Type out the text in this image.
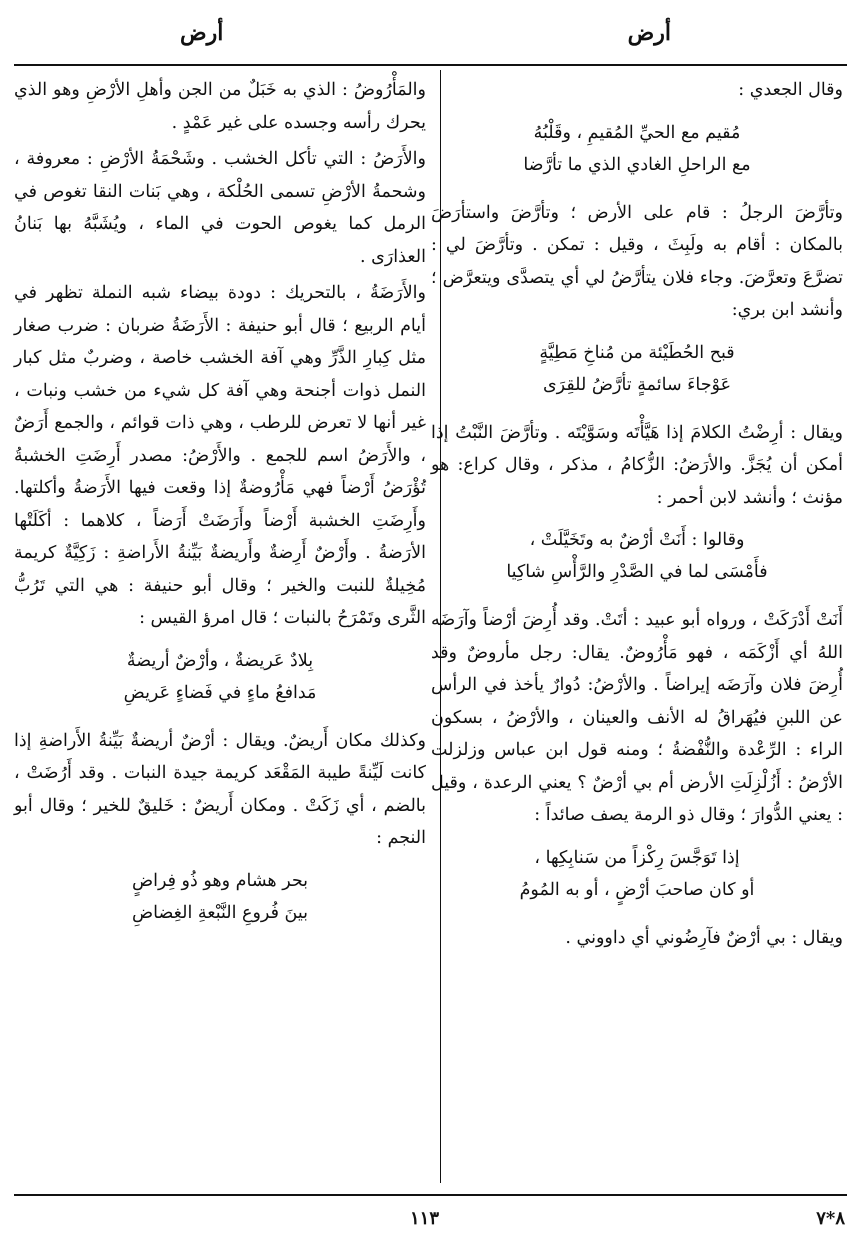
أرض
أرض

وقال الجعدي :

مُقيم مع الحيِّ المُقيمِ ، وقَلْبُهُ
مع الراحلِ الغادي الذي ما تأرَّضا

وتأرَّضَ الرجلُ : قام على الأرض ؛ وتأرَّضَ واستأرَضَ بالمكان : أقام به ولَبِثَ ، وقيل : تمكن . وتأرَّضَ لي : تضرَّعَ وتعرَّضَ. وجاء فلان يتأرَّضُ لي أي يتصدَّى ويتعرَّض ؛ وأنشد ابن بري:

قبح الحُطَيْئة من مُناخِ مَطِيَّةٍ
عَوْجاءَ سائمةٍ تأرَّضُ للقِرَى

ويقال : أرِضْتُ الكلامَ إذا هَيَّأْتَه وسَوَّيْتَه . وتأرَّضَ النَّبْتُ إذا أمكن أن يُجَزَّ. والأرَضُ: الزُّكامُ ، مذكر ، وقال كراع: هو مؤنث ؛ وأنشد لابن أحمر :

وقالوا : أَنَتْ أرْضٌ به وتَخَيَّلَتْ ،
فأَمْسَى لما في الصَّدْرِ والرَّأْسِ شاكِيا

أَنَتْ أَدْرَكَتْ ، ورواه أبو عبيد : أتَتْ. وقد أُرِضَ أرْضاً وآرَضَه اللهُ أي أَزْكَمَه ، فهو مَأْرُوضٌ. يقال: رجل مأروضٌ وقد أُرِضَ فلان وآرَضَه إيراضاً . والأرْضُ: دُوارٌ يأخذ في الرأس عن اللبنِ فيُهَراقُ له الأنف والعينان ، والأرْضُ ، بسكون الراء : الرِّعْدة والنُّفْضةُ ؛ ومنه قول ابن عباس وزلزلت الأرْضُ : أَزُلْزِلَتِ الأرض أم بي أرْضٌ ؟ يعني الرعدة ، وقيل : يعني الدُّوارَ ؛ وقال ذو الرمة يصف صائداً :

إذا تَوَجَّسَ رِكْزاً من سَنابِكِها ،
أو كان صاحبَ أرْضٍ ، أو به المُومُ

ويقال : بي أرْضٌ فآرِضُوني أي داووني .

والمَأْرُوضُ : الذي به خَبَلٌ من الجن وأهلِ الأرْضِ وهو الذي يحرك رأسه وجسده على غير عَمْدٍ .

والأَرَضُ : التي تأكل الخشب . وشَحْمَةُ الأرْضِ : معروفة ، وشحمةُ الأرْضِ تسمى الحُلْكة ، وهي بَنات النقا تغوص في الرمل كما يغوص الحوت في الماء ، ويُشَبَّهُ بها بَنانُ العذارَى .

والأَرَضَةُ ، بالتحريك : دودة بيضاء شبه النملة تظهر في أيام الربيع ؛ قال أبو حنيفة : الأَرَضَةُ ضربان : ضرب صغار مثل كِبارِ الذَّرِّ وهي آفة الخشب خاصة ، وضربٌ مثل كبار النمل ذوات أجنحة وهي آفة كل شيء من خشب ونبات ، غير أنها لا تعرض للرطب ، وهي ذات قوائم ، والجمع أَرَضٌ ، والأَرَضُ اسم للجمع . والأَرْضُ: مصدر أَرِضَتِ الخشبةُ تُؤْرَضُ أَرْضاً فهي مَأْرُوضةٌ إذا وقعت فيها الأَرَضةُ وأكلتها. وأَرِضَتِ الخشبة أَرْضاً وأَرَضَتْ أَرَضاً ، كلاهما : أكَلَتْها الأرَضةُ . وأَرْضٌ أَرِضةٌ وأَريضةٌ بَيِّنةُ الأَراضةِ : زَكِيَّةٌ كريمة مُخِيلةٌ للنبت والخير ؛ وقال أبو حنيفة : هي التي تَرُبُّ الثَّرى وتَمْرَحُ بالنبات ؛ قال امرؤ القيس :

بِلادٌ عَريضةٌ ، وأرْضٌ أريضةٌ
مَدافعُ ماءٍ في فَضاءٍ عَريضِ

وكذلك مكان أَريضٌ. ويقال : أرْضٌ أريضةٌ بَيِّنةُ الأَراضةِ إذا كانت لَيِّنةً طيبة المَقْعَد كريمة جيدة النبات . وقد أَرُضَتْ ، بالضم ، أي زَكَتْ . ومكان أَريضٌ : خَليقٌ للخير ؛ وقال أبو النجم :

بحر هشام وهو ذُو فِراضٍ
بينَ فُروعِ النَّبْعةِ الغِضاضِ
١١٣	٨*٧
